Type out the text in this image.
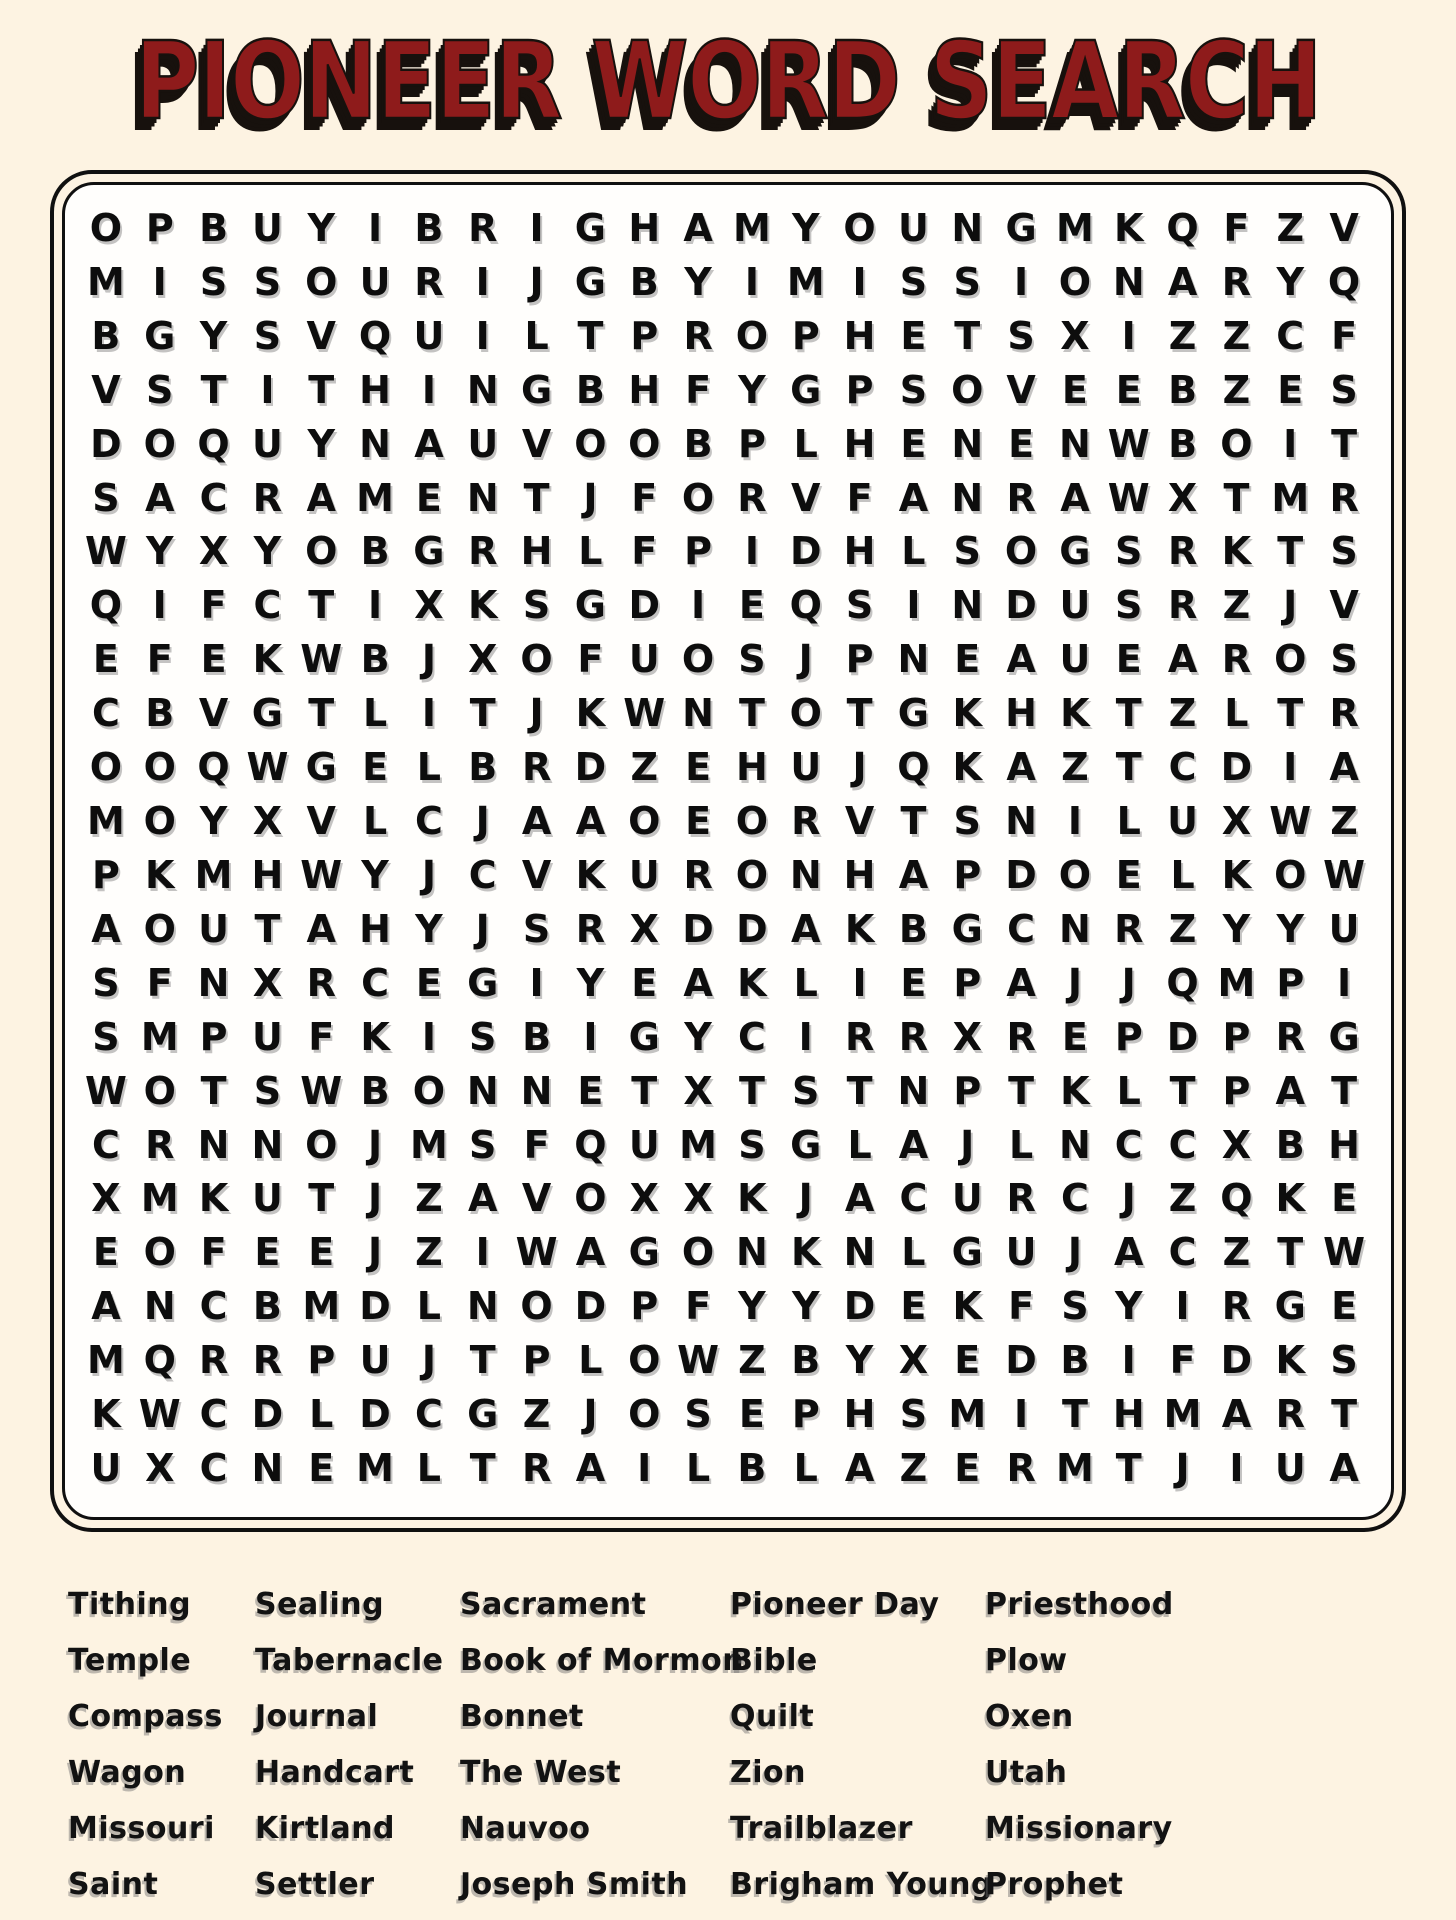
PIONEER WORD SEARCH
O P B U Y I B R I G H A M Y O U N G M K Q F Z V
M I S S O U R I	J G B Y I M I S S I O N A R Y Q
B G Y S V Q U I L T P R O P H E T S X I Z Z C F
V S T I T H I N G B H F Y G P S O V E E B Z E S
D O Q U Y N A U V O O B P L H E N E N W B O I T
S A C R A M E N T J F O R V F A N R A W X T M R
W Y X Y O B G R H L F P I D H L S O G S R K T S
Q I F C T I X K S G D I E Q S I N D U S R Z J V
E F E K W B J X O F U O S J P N E A U E A R O S
C B V G T L I T J K W N T O T G K H K T Z L T R
O O Q W G E L B R D Z E H U J Q K A Z T C D I A
M O Y X V L C J A A O E O R V T S N I L U X W Z
P K M H W Y J C V K U R O N H A P D O E L K O W
A O U T A H Y J S R X D D A K B G C N R Z Y Y U
S F N X R C E G I Y E A K L I E P A J	J Q M P I
S M P U F K I S B I G Y C I R R X R E P D P R G
W O T S W B O N N E T X T S T N P T K L T P A T
C R N N O J M S F Q U M S G L A J L N C C X B H
X M K U T J Z A V O X X K J A C U R C J Z Q K E
E O F E E J Z I W A G O N K N L G U J A C Z T W
A N C B M D L N O D P F Y Y D E K F S Y I R G E
M Q R R P U J T P L O W Z B Y X E D B I F D K S
K W C D L D C G Z J O S E P H S M I T H M A R T
U X C N E M L T R A I L B L A Z E R M T J	I U A
Tithing
Temple
Compass
Wagon
Missouri
Saint
Sealing
Tabernacle
Journal
Handcart
Kirtland
Settler
Sacrament
Book of Mormon
Bonnet
The West
Nauvoo
Joseph Smith
Pioneer Day
Bible
Quilt
Zion
Trailblazer
Brigham Young
Priesthood
Plow
Oxen
Utah
Missionary
Prophet
